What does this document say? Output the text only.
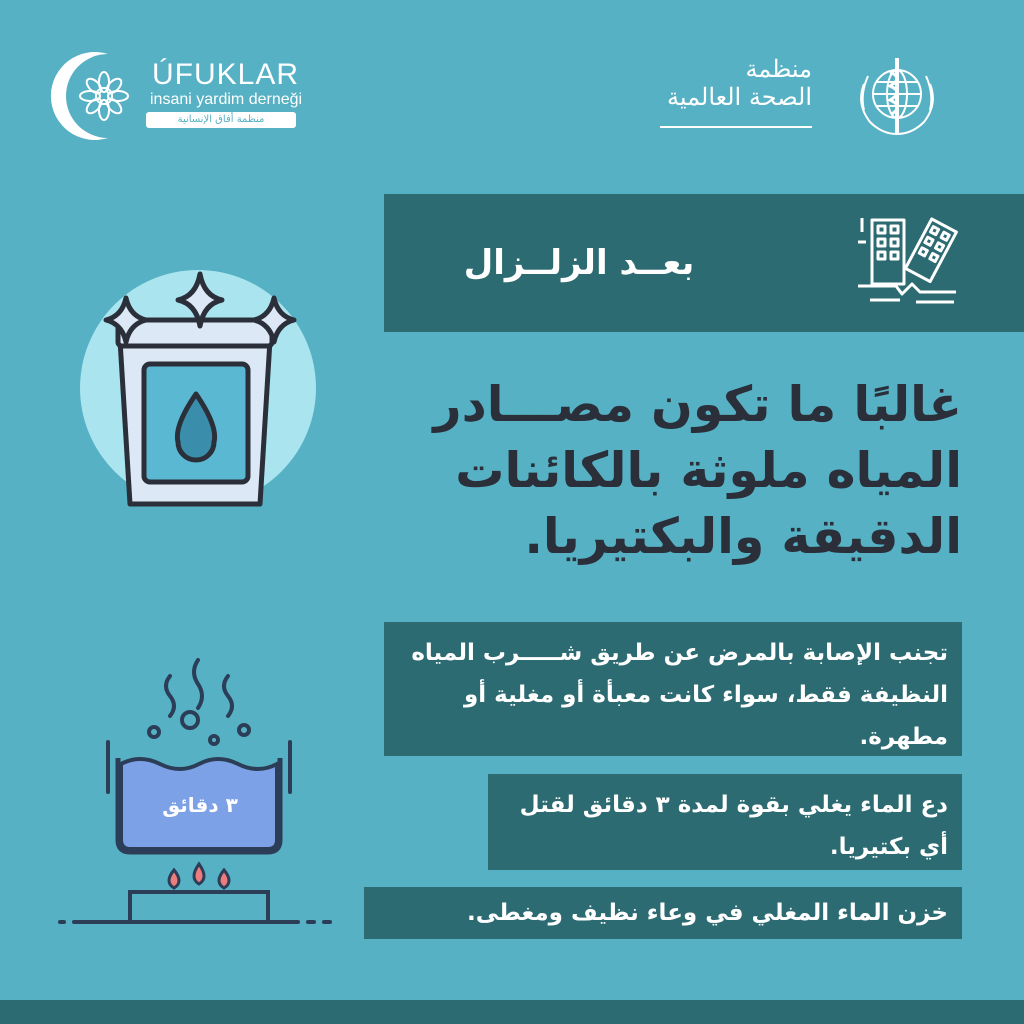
ÚFUKLAR
insani yardim derneği
منظمة أفاق الإنسانية
منظمة
الصحة العالمية
بعــد الزلــزال
غالبًا ما تكون مصـــادر المياه ملوثة بالكائنات الدقيقة والبكتيريا.
تجنب الإصابة بالمرض عن طريق شـــــرب المياه النظيفة فقط، سواء كانت معبأة أو مغلية أو مطهرة.
دع الماء يغلي بقوة لمدة ٣ دقائق لقتل أي بكتيريا.
خزن الماء المغلي في وعاء نظيف ومغطى.
٣ دقائق
